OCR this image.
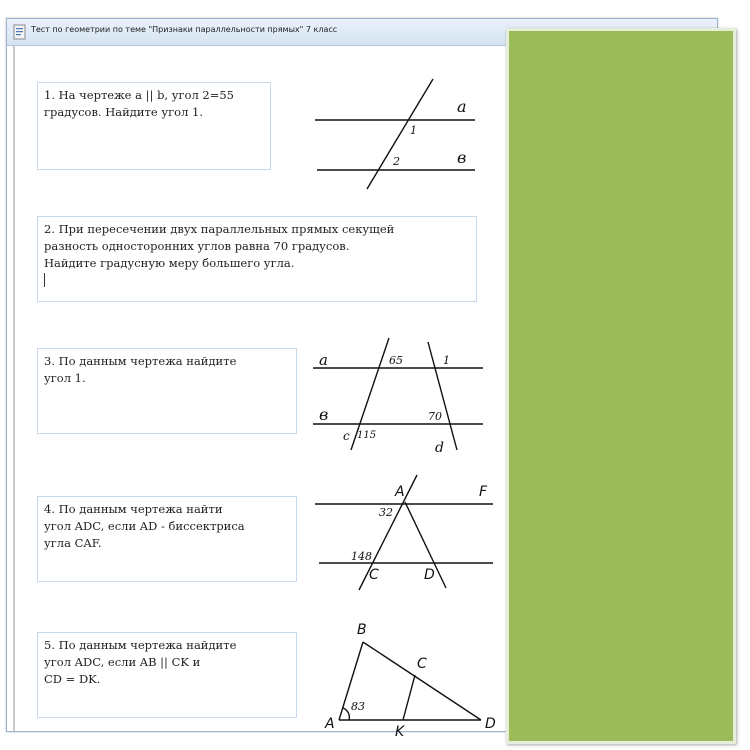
Тест по геометрии по теме "Признаки параллельности прямых" 7 класс
1. На чертеже a || b, угол 2=55
градусов. Найдите угол 1.	a
в
1
2
2. При пересечении двух параллельных прямых секущей
разность односторонних углов равна 70 градусов.
Найдите градусную меру большего угла.
3. По данным чертежа найдите
угол 1.
a
в
c
d
65	1
70
115
4. По данным чертежа найти
угол ADC, если AD - биссектриса
угла CAF.
A	F
C	D
32
148
5. По данным чертежа найдите
угол ADC, если AB || CK и
CD = DK.
A
B
C
D
K
83
